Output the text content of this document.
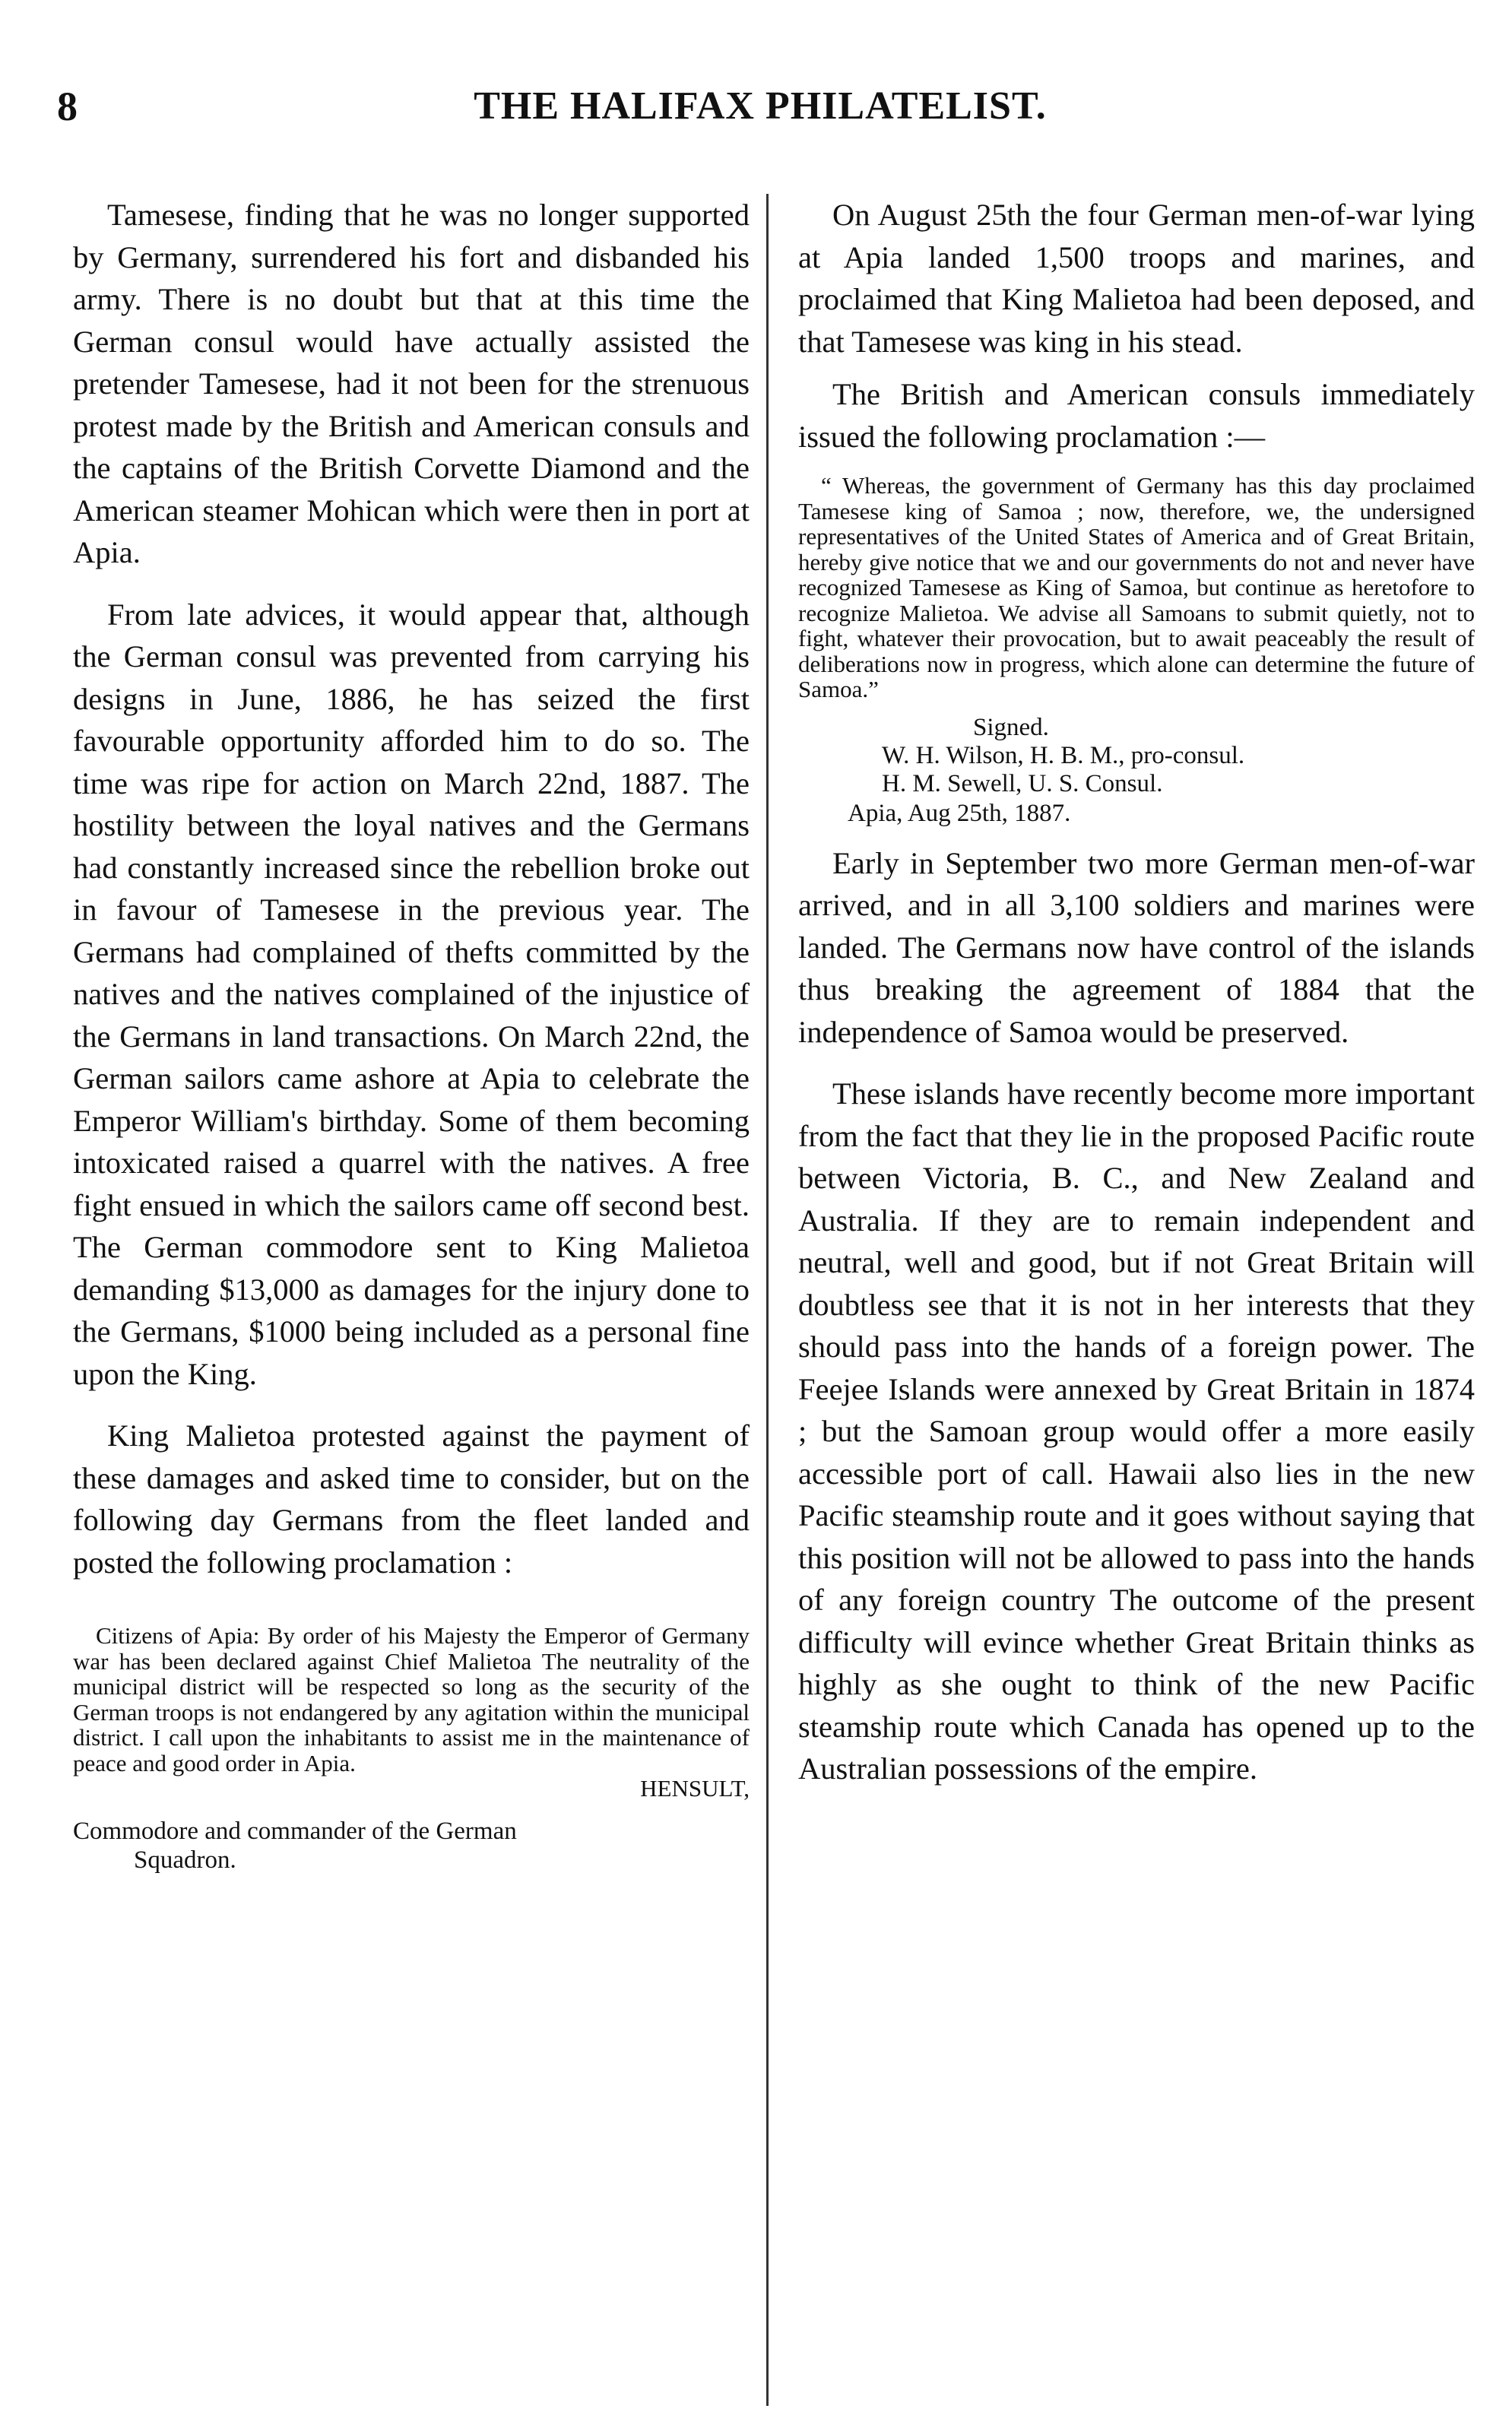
8	THE HALIFAX PHILATELIST.

Tamesese, finding that he was no longer supported by Germany, surrendered his fort and disbanded his army. There is no doubt but that at this time the German consul would have actually assisted the pretender Tamesese, had it not been for the strenuous protest made by the British and American consuls and the captains of the British Corvette Diamond and the American steamer Mohican which were then in port at Apia.

From late advices, it would appear that, although the German consul was prevented from carrying his designs in June, 1886, he has seized the first favourable opportunity afforded him to do so. The time was ripe for action on March 22nd, 1887. The hostility between the loyal natives and the Germans had constantly increased since the rebellion broke out in favour of Tamesese in the previous year. The Germans had complained of thefts committed by the natives and the natives complained of the injustice of the Germans in land transactions. On March 22nd, the German sailors came ashore at Apia to celebrate the Emperor William's birthday. Some of them becoming intoxicated raised a quarrel with the natives. A free fight ensued in which the sailors came off second best. The German commodore sent to King Malietoa demanding $13,000 as damages for the injury done to the Germans, $1000 being included as a personal fine upon the King.

King Malietoa protested against the payment of these damages and asked time to consider, but on the following day Germans from the fleet landed and posted the following proclamation :

Citizens of Apia: By order of his Majesty the Emperor of Germany war has been declared against Chief Malietoa The neutrality of the municipal district will be respected so long as the security of the German troops is not endangered by any agitation within the municipal district. I call upon the inhabitants to assist me in the maintenance of peace and good order in Apia.

HENSULT,

Commodore and commander of the German
Squadron.

On August 25th the four German men-of-war lying at Apia landed 1,500 troops and marines, and proclaimed that King Malietoa had been deposed, and that Tamesese was king in his stead.

The British and American consuls immediately issued the following proclamation :—

“ Whereas, the government of Germany has this day proclaimed Tamesese king of Samoa ; now, therefore, we, the undersigned representatives of the United States of America and of Great Britain, hereby give notice that we and our governments do not and never have recognized Tamesese as King of Samoa, but continue as heretofore to recognize Malietoa. We advise all Samoans to submit quietly, not to fight, whatever their provocation, but to await peaceably the result of deliberations now in progress, which alone can determine the future of Samoa.”

Signed.

W. H. Wilson, H. B. M., pro-consul.

H. M. Sewell, U. S. Consul.

Apia, Aug 25th, 1887.

Early in September two more German men-of-war arrived, and in all 3,100 soldiers and marines were landed. The Germans now have control of the islands thus breaking the agreement of 1884 that the independence of Samoa would be preserved.

These islands have recently become more important from the fact that they lie in the proposed Pacific route between Victoria, B. C., and New Zealand and Australia. If they are to remain independent and neutral, well and good, but if not Great Britain will doubtless see that it is not in her interests that they should pass into the hands of a foreign power. The Feejee Islands were annexed by Great Britain in 1874 ; but the Samoan group would offer a more easily accessible port of call. Hawaii also lies in the new Pacific steamship route and it goes without saying that this position will not be allowed to pass into the hands of any foreign country The outcome of the present difficulty will evince whether Great Britain thinks as highly as she ought to think of the new Pacific steamship route which Canada has opened up to the Australian possessions of the empire.
